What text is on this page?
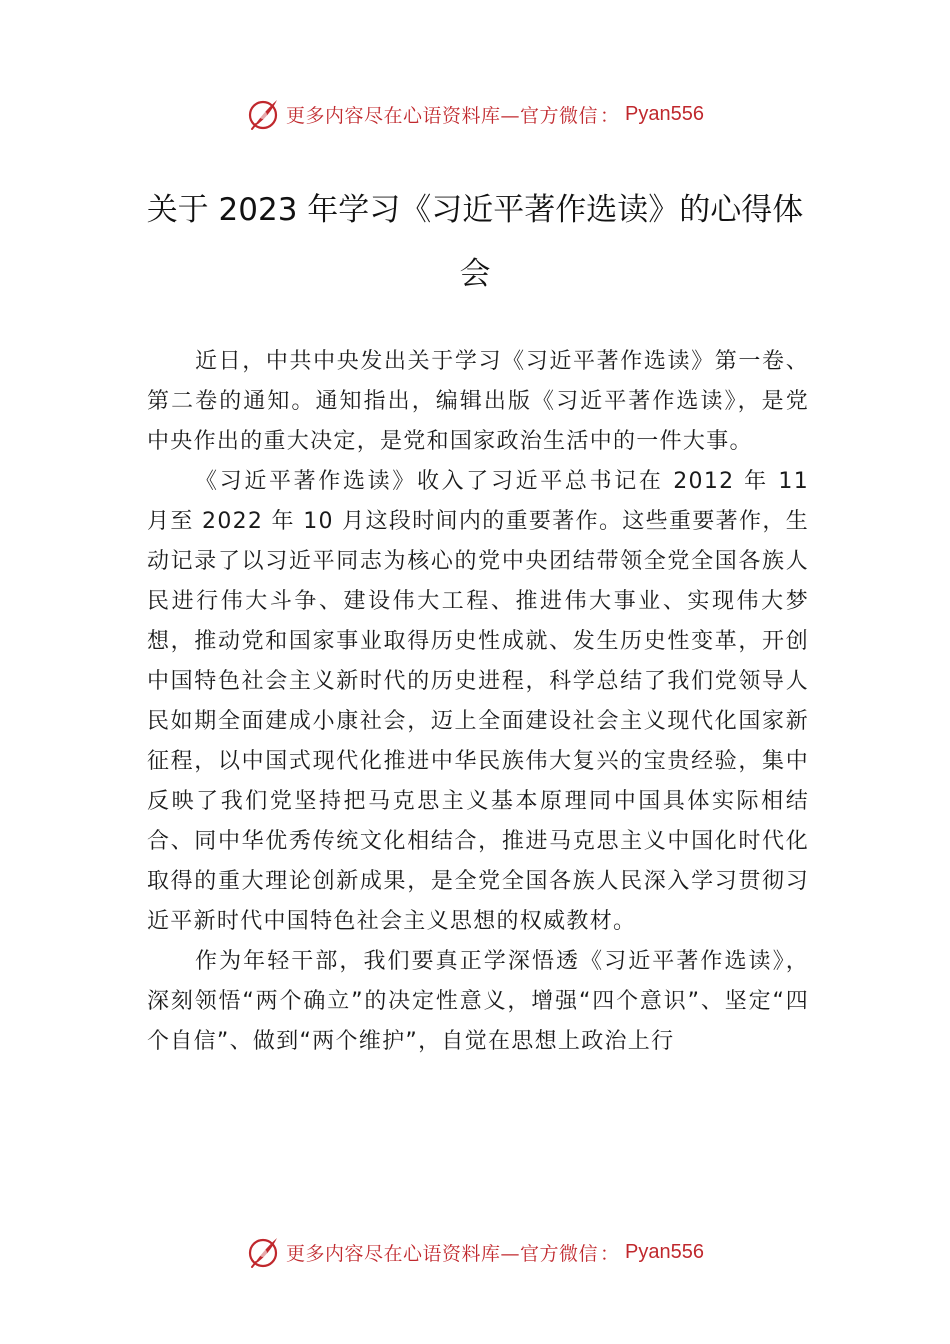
更多内容尽在心语资料库—官方微信 ： Pyan556
关于 2023 年学习《习近平著作选读》的心得体会

近日，中共中央发出关于学习《习近平著作选读》第一卷、第二卷的通知。通知指出，编辑出版《习近平著作选读》，是党中央作出的重大决定，是党和国家政治生活中的一件大事。

《习近平著作选读》收入了习近平总书记在 2012 年 11 月至 2022 年 10 月这段时间内的重要著作。这些重要著作，生动记录了以习近平同志为核心的党中央团结带领全党全国各族人民进行伟大斗争、建设伟大工程、推进伟大事业、实现伟大梦想，推动党和国家事业取得历史性成就、发生历史性变革，开创中国特色社会主义新时代的历史进程，科学总结了我们党领导人民如期全面建成小康社会，迈上全面建设社会主义现代化国家新征程，以中国式现代化推进中华民族伟大复兴的宝贵经验，集中反映了我们党坚持把马克思主义基本原理同中国具体实际相结合、同中华优秀传统文化相结合，推进马克思主义中国化时代化取得的重大理论创新成果，是全党全国各族人民深入学习贯彻习近平新时代中国特色社会主义思想的权威教材。

作为年轻干部，我们要真正学深悟透《习近平著作选读》，深刻领悟“两个确立”的决定性意义，增强“四个意识”、坚定“四个自信”、做到“两个维护”，自觉在思想上政治上行

更多内容尽在心语资料库—官方微信 ： Pyan556
